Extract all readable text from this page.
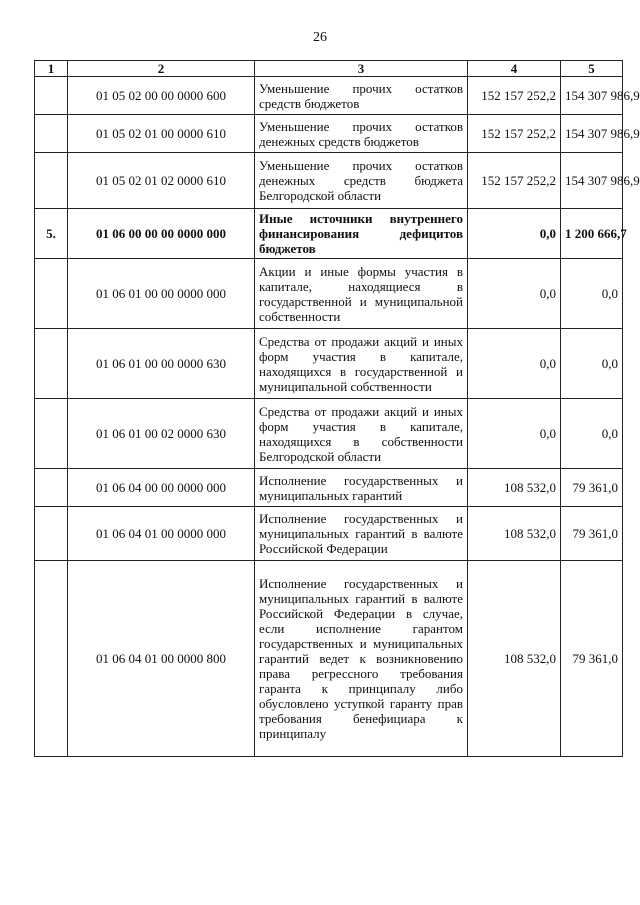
26
1	2	3	4	5
	01 05 02 00 00 0000 600	Уменьшение прочих остатков средств бюджетов	152 157 252,2	154 307 986,9
	01 05 02 01 00 0000 610	Уменьшение прочих остатков денежных средств бюджетов	152 157 252,2	154 307 986,9
	01 05 02 01 02 0000 610	Уменьшение прочих остатков денежных средств бюджета Белгородской области	152 157 252,2	154 307 986,9
5.	01 06 00 00 00 0000 000	Иные источники внутреннего финансирования дефицитов бюджетов	0,0	1 200 666,7
	01 06 01 00 00 0000 000	Акции и иные формы участия в капитале, находящиеся в государственной и муниципальной собственности	0,0	0,0
	01 06 01 00 00 0000 630	Средства от продажи акций и иных форм участия в капитале, находящихся в государственной и муниципальной собственности	0,0	0,0
	01 06 01 00 02 0000 630	Средства от продажи акций и иных форм участия в капитале, находящихся в собственности Белгородской области	0,0	0,0
	01 06 04 00 00 0000 000	Исполнение государственных и муниципальных гарантий	108 532,0	79 361,0
	01 06 04 01 00 0000 000	Исполнение государственных и муниципальных гарантий в валюте Российской Федерации	108 532,0	79 361,0
	01 06 04 01 00 0000 800	Исполнение государственных и муниципальных гарантий в валюте Российской Федерации в случае, если исполнение гарантом государственных и муниципальных гарантий ведет к возникновению права регрессного требования гаранта к принципалу либо обусловлено уступкой гаранту прав требования бенефициара к принципалу	108 532,0	79 361,0
